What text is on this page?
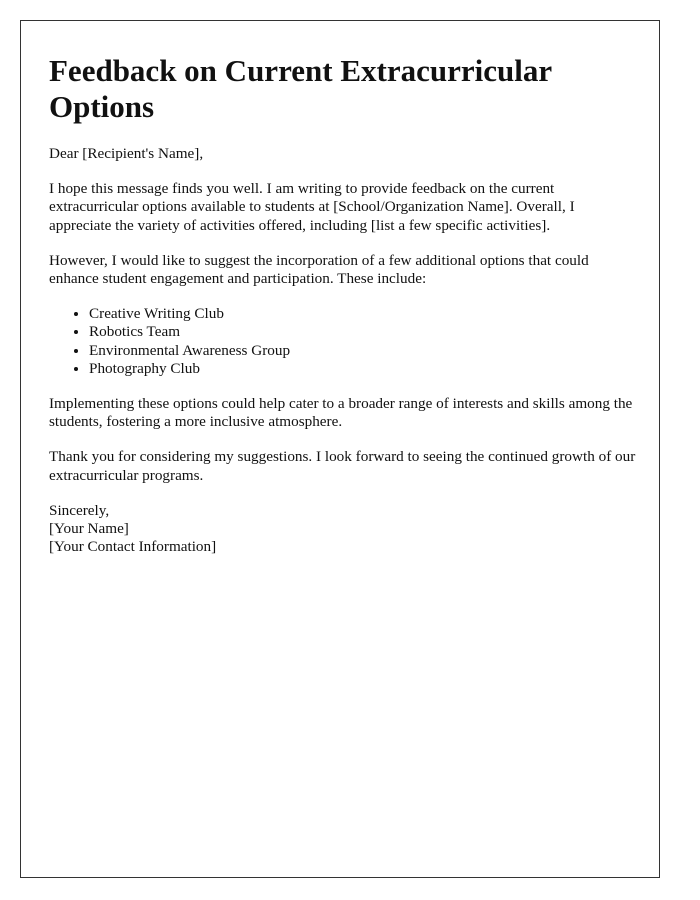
Feedback on Current Extracurricular Options

Dear [Recipient's Name],

I hope this message finds you well. I am writing to provide feedback on the current extracurricular options available to students at [School/Organization Name]. Overall, I appreciate the variety of activities offered, including [list a few specific activities].

However, I would like to suggest the incorporation of a few additional options that could enhance student engagement and participation. These include:

• Creative Writing Club
• Robotics Team
• Environmental Awareness Group
• Photography Club

Implementing these options could help cater to a broader range of interests and skills among the students, fostering a more inclusive atmosphere.

Thank you for considering my suggestions. I look forward to seeing the continued growth of our extracurricular programs.

Sincerely,
[Your Name]
[Your Contact Information]
